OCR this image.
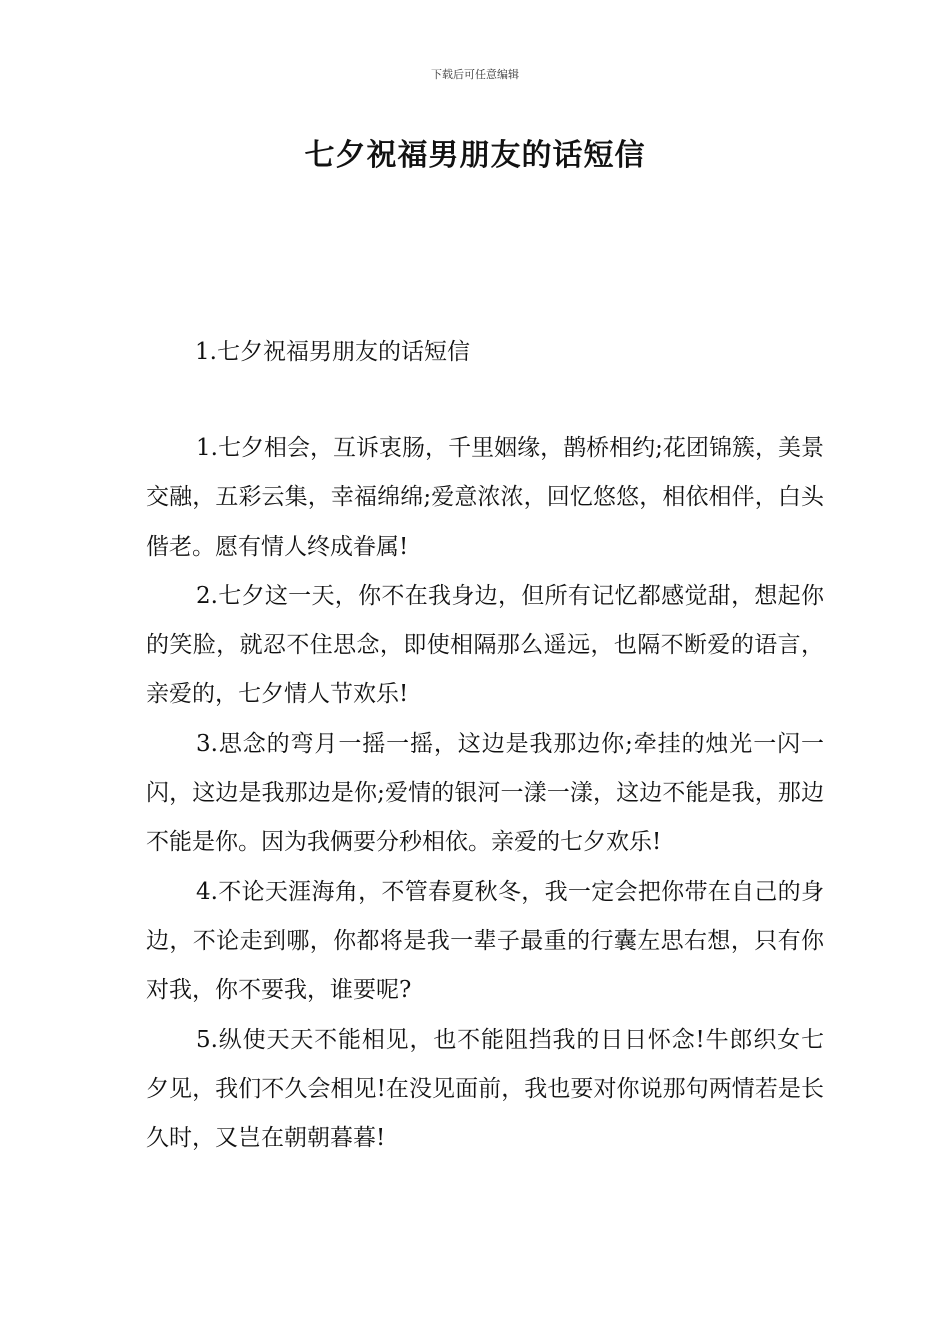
下载后可任意编辑
七夕祝福男朋友的话短信
1.七夕祝福男朋友的话短信

1.七夕相会，互诉衷肠，千里姻缘，鹊桥相约;花团锦簇，美景交融，五彩云集，幸福绵绵;爱意浓浓，回忆悠悠，相依相伴，白头偕老。愿有情人终成眷属!

2.七夕这一天，你不在我身边，但所有记忆都感觉甜，想起你的笑脸，就忍不住思念，即使相隔那么遥远，也隔不断爱的语言，亲爱的，七夕情人节欢乐!

3.思念的弯月一摇一摇，这边是我那边你;牵挂的烛光一闪一闪，这边是我那边是你;爱情的银河一漾一漾，这边不能是我，那边不能是你。因为我俩要分秒相依。亲爱的七夕欢乐!

4.不论天涯海角，不管春夏秋冬，我一定会把你带在自己的身边，不论走到哪，你都将是我一辈子最重的行囊左思右想，只有你对我，你不要我，谁要呢?

5.纵使天天不能相见，也不能阻挡我的日日怀念!牛郎织女七夕见，我们不久会相见!在没见面前，我也要对你说那句两情若是长久时，又岂在朝朝暮暮!
